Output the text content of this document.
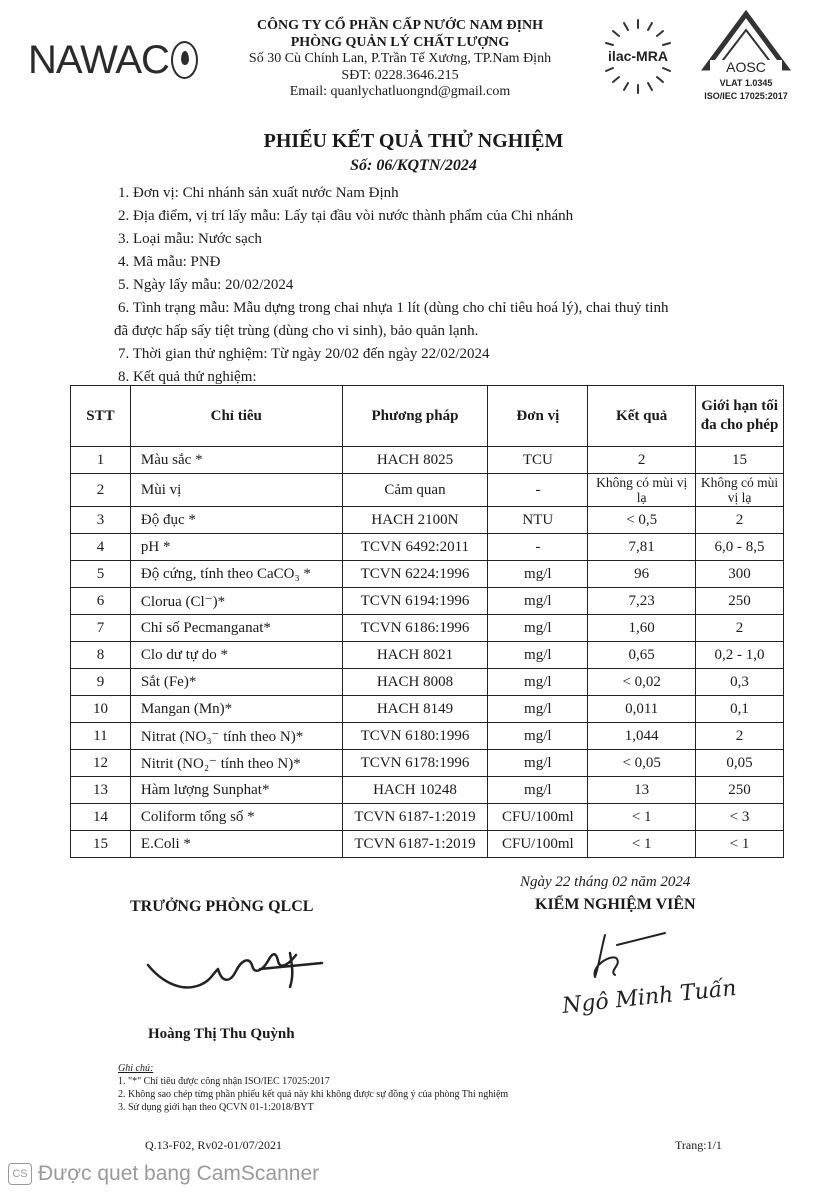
NAWAC
CÔNG TY CỔ PHẦN CẤP NƯỚC NAM ĐỊNH
PHÒNG QUẢN LÝ CHẤT LƯỢNG
Số 30 Cù Chính Lan, P.Trần Tế Xương, TP.Nam Định
SĐT: 0228.3646.215
Email: quanlychatluongnd@gmail.com
ilac-MRA
AOSC
VLAT 1.0345
ISO/IEC 17025:2017
PHIẾU KẾT QUẢ THỬ NGHIỆM
Số: 06/KQTN/2024
1. Đơn vị: Chi nhánh sản xuất nước Nam Định
2. Địa điểm, vị trí lấy mẫu: Lấy tại đầu vòi nước thành phẩm của Chi nhánh
3. Loại mẫu: Nước sạch
4. Mã mẫu: PNĐ
5. Ngày lấy mẫu: 20/02/2024
6. Tình trạng mẫu: Mẫu dựng trong chai nhựa 1 lít (dùng cho chỉ tiêu hoá lý), chai thuỷ tinh
đã được hấp sấy tiệt trùng (dùng cho vi sinh), bảo quản lạnh.
7. Thời gian thử nghiệm: Từ ngày 20/02 đến ngày 22/02/2024
8. Kết quả thử nghiệm:
STT	Chỉ tiêu	Phương pháp	Đơn vị	Kết quả	Giới hạn tối đa cho phép
1	Màu sắc *	HACH 8025	TCU	2	15
2	Mùi vị	Cảm quan	-	Không có mùi vị lạ	Không có mùi vị lạ
3	Độ đục *	HACH 2100N	NTU	< 0,5	2
4	pH *	TCVN 6492:2011	-	7,81	6,0 - 8,5
5	Độ cứng, tính theo CaCO₃ *	TCVN 6224:1996	mg/l	96	300
6	Clorua (Cl⁻)*	TCVN 6194:1996	mg/l	7,23	250
7	Chỉ số Pecmanganat*	TCVN 6186:1996	mg/l	1,60	2
8	Clo dư tự do *	HACH 8021	mg/l	0,65	0,2 - 1,0
9	Sắt (Fe)*	HACH 8008	mg/l	< 0,02	0,3
10	Mangan (Mn)*	HACH 8149	mg/l	0,011	0,1
11	Nitrat (NO₃⁻ tính theo N)*	TCVN 6180:1996	mg/l	1,044	2
12	Nitrit (NO₂⁻ tính theo N)*	TCVN 6178:1996	mg/l	< 0,05	0,05
13	Hàm lượng Sunphat*	HACH 10248	mg/l	13	250
14	Coliform tổng số *	TCVN 6187-1:2019	CFU/100ml	< 1	< 3
15	E.Coli *	TCVN 6187-1:2019	CFU/100ml	< 1	< 1
Ngày 22 tháng 02 năm 2024
TRƯỞNG PHÒNG QLCL	KIỂM NGHIỆM VIÊN
Ngô Minh Tuấn
Hoàng Thị Thu Quỳnh
Ghi chú:
1. "*" Chỉ tiêu được công nhận ISO/IEC 17025:2017
2. Không sao chép từng phần phiếu kết quả này khi không được sự đồng ý của phòng Thí nghiệm
3. Sử dụng giới hạn theo QCVN 01-1:2018/BYT
Q.13-F02, Rv02-01/07/2021	Trang:1/1
CS Được quet bang CamScanner
